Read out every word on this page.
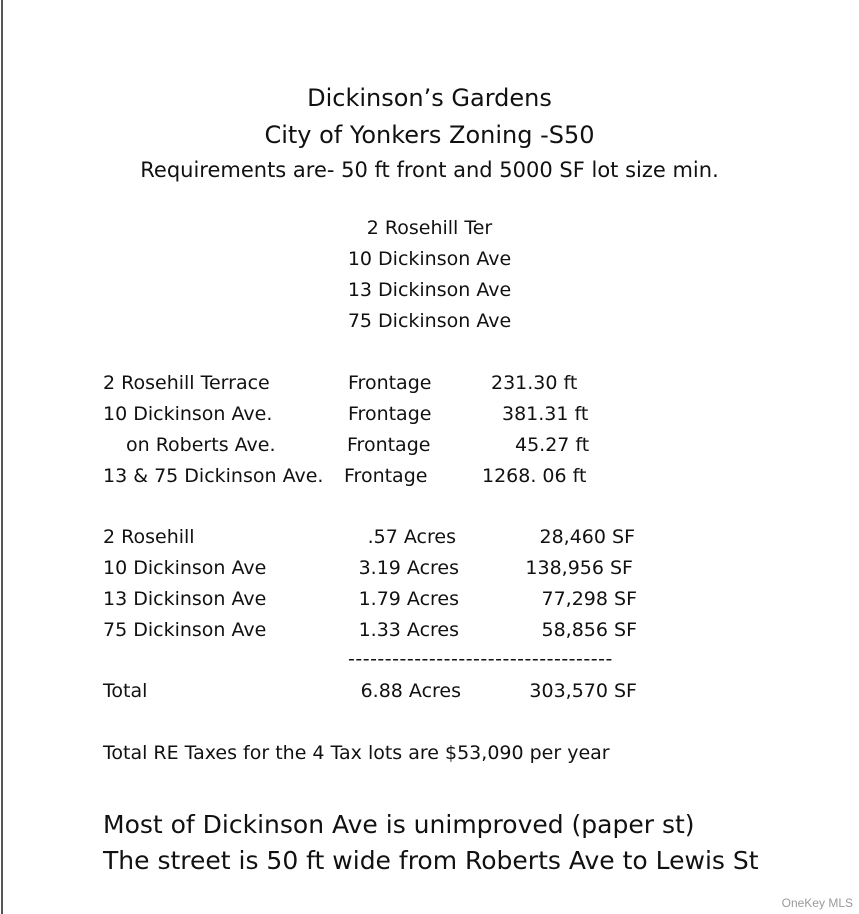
Dickinson’s Gardens
City of Yonkers Zoning -S50
Requirements are- 50 ft front and 5000 SF lot size min.
2 Rosehill Ter
10 Dickinson Ave
13 Dickinson Ave
75 Dickinson Ave
2 Rosehill Terrace	Frontage	231.30 ft
10 Dickinson Ave.	Frontage	381.31 ft
on Roberts Ave.	Frontage	45.27 ft
13 & 75 Dickinson Ave. Frontage	1268. 06 ft
2 Rosehill	.57 Acres	28,460 SF
10 Dickinson Ave	3.19 Acres	138,956 SF
13 Dickinson Ave	1.79 Acres	77,298 SF
75 Dickinson Ave	1.33 Acres	58,856 SF
------------------------------------
Total	6.88 Acres	303,570 SF
Total RE Taxes for the 4 Tax lots are $53,090 per year
Most of Dickinson Ave is unimproved (paper st)
The street is 50 ft wide from Roberts Ave to Lewis St
OneKey MLS
